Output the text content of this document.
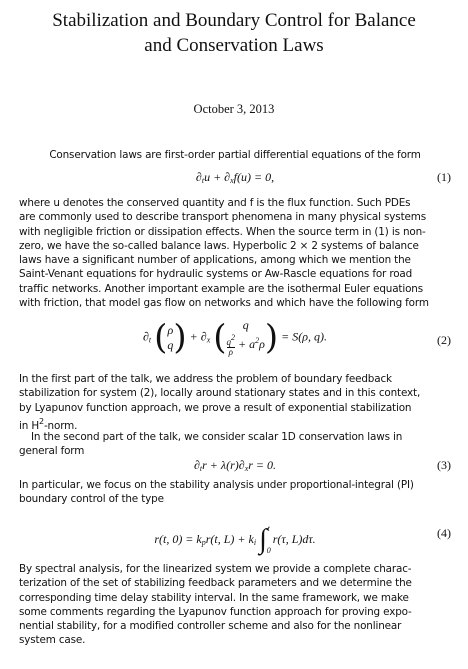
Stabilization and Boundary Control for Balance
and Conservation Laws
October 3, 2013
Conservation laws are first-order partial differential equations of the form
$\partial_tu + \partial_xf(u) = 0$,	(1)
where u denotes the conserved quantity and f is the flux function. Such PDEs
are commonly used to describe transport phenomena in many physical systems
with negligible friction or dissipation effects. When the source term in (1) is non-
zero, we have the so-called balance laws. Hyperbolic 2 × 2 systems of balance
laws have a significant number of applications, among which we mention the
Saint-Venant equations for hydraulic systems or Aw-Rascle equations for road
traffic networks. Another important example are the isothermal Euler equations
with friction, that model gas flow on networks and which have the following form
$\partial_t$ ( ρ
q ) + $\partial_x$ (	q
$\frac{q2}{\rho} + a^2\rho$ ) = S(ρ, q).	(2)
In the first part of the talk, we address the problem of boundary feedback
stabilization for system (2), locally around stationary states and in this context,
by Lyapunov function approach, we prove a result of exponential stabilization
in $H^2$-norm.
In the second part of the talk, we consider scalar 1D conservation laws in
general form
$\partial_tr + \lambda(r)\partial_xr = 0$.	(3)
In particular, we focus on the stability analysis under proportional-integral (PI)
boundary control of the type
r(t, $0) = k_pr(t$, $L) + k_i$ ∫ t
0
r(τ, L)dτ.	(4)
By spectral analysis, for the linearized system we provide a complete charac-
terization of the set of stabilizing feedback parameters and we determine the
corresponding time delay stability interval. In the same framework, we make
some comments regarding the Lyapunov function approach for proving expo-
nential stability, for a modified controller scheme and also for the nonlinear
system case.
